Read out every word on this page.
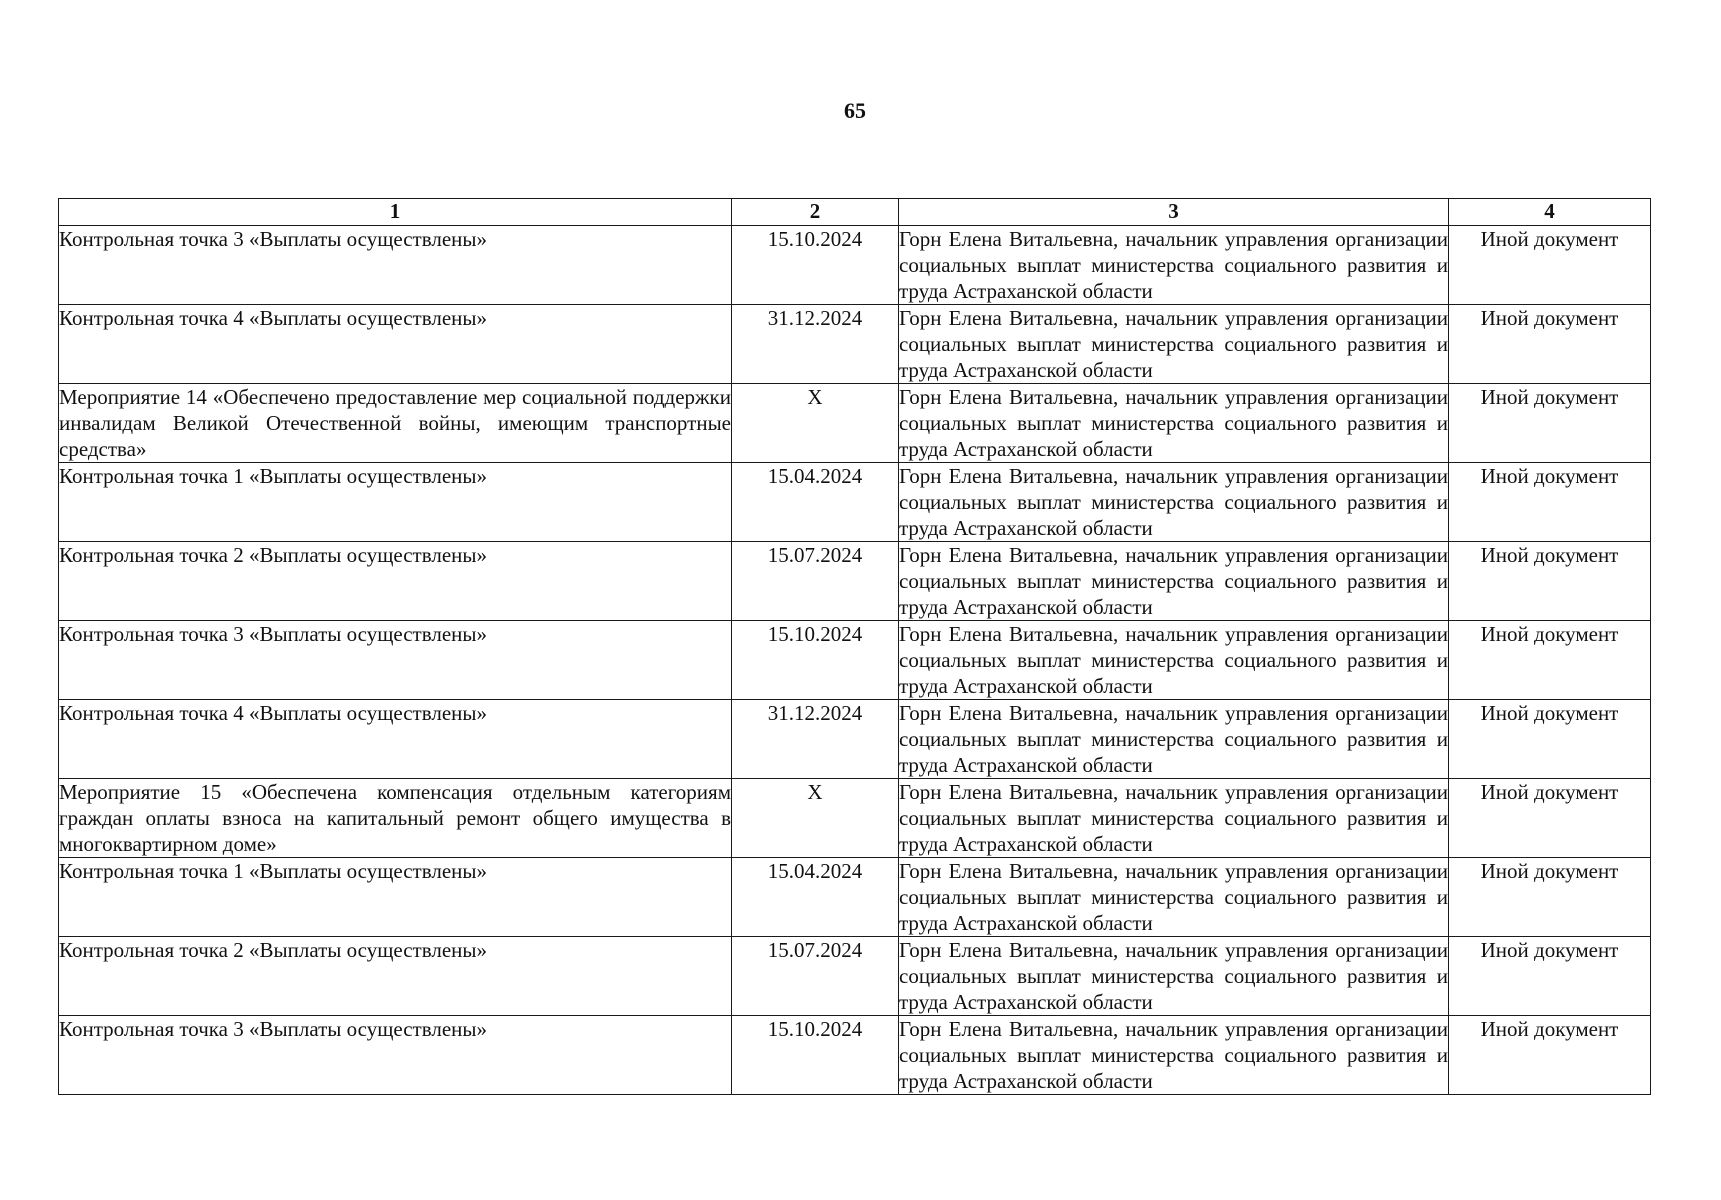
65
1	2	3	4
Контрольная точка 3 «Выплаты осуществлены»	15.10.2024	Горн Елена Витальевна, начальник управления организации социальных выплат министерства социального развития и труда Астраханской области	Иной документ
Контрольная точка 4 «Выплаты осуществлены»	31.12.2024	Горн Елена Витальевна, начальник управления организации социальных выплат министерства социального развития и труда Астраханской области	Иной документ
Мероприятие 14 «Обеспечено предоставление мер социальной поддержки инвалидам Великой Отечественной войны, имеющим транспортные средства»	Х	Горн Елена Витальевна, начальник управления организации социальных выплат министерства социального развития и труда Астраханской области	Иной документ
Контрольная точка 1 «Выплаты осуществлены»	15.04.2024	Горн Елена Витальевна, начальник управления организации социальных выплат министерства социального развития и труда Астраханской области	Иной документ
Контрольная точка 2 «Выплаты осуществлены»	15.07.2024	Горн Елена Витальевна, начальник управления организации социальных выплат министерства социального развития и труда Астраханской области	Иной документ
Контрольная точка 3 «Выплаты осуществлены»	15.10.2024	Горн Елена Витальевна, начальник управления организации социальных выплат министерства социального развития и труда Астраханской области	Иной документ
Контрольная точка 4 «Выплаты осуществлены»	31.12.2024	Горн Елена Витальевна, начальник управления организации социальных выплат министерства социального развития и труда Астраханской области	Иной документ
Мероприятие 15 «Обеспечена компенсация отдельным категориям граждан оплаты взноса на капитальный ремонт общего имущества в многоквартирном доме»	Х	Горн Елена Витальевна, начальник управления организации социальных выплат министерства социального развития и труда Астраханской области	Иной документ
Контрольная точка 1 «Выплаты осуществлены»	15.04.2024	Горн Елена Витальевна, начальник управления организации социальных выплат министерства социального развития и труда Астраханской области	Иной документ
Контрольная точка 2 «Выплаты осуществлены»	15.07.2024	Горн Елена Витальевна, начальник управления организации социальных выплат министерства социального развития и труда Астраханской области	Иной документ
Контрольная точка 3 «Выплаты осуществлены»	15.10.2024	Горн Елена Витальевна, начальник управления организации социальных выплат министерства социального развития и труда Астраханской области	Иной документ
